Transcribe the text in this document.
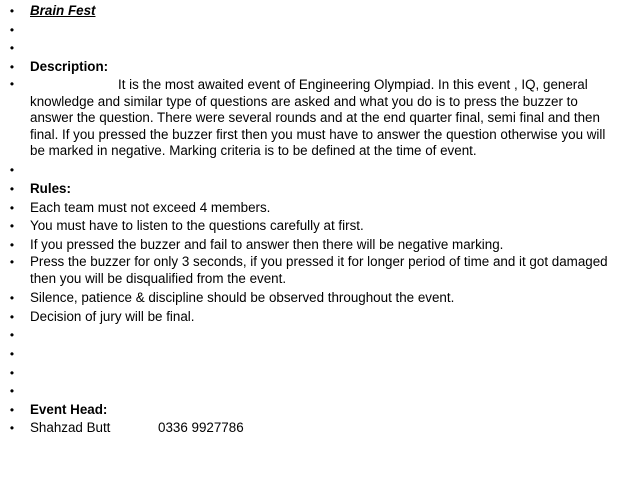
• Brain Fest
•
•
• Description:
•	It is the most awaited event of Engineering Olympiad. In this event , IQ, general knowledge and similar type of questions are asked and what you do is to press the buzzer to answer the question. There were several rounds and at the end quarter final, semi final and then final. If you pressed the buzzer first then you must have to answer the question otherwise you will be marked in negative. Marking criteria is to be defined at the time of event.
•
• Rules:
• Each team must not exceed 4 members.
• You must have to listen to the questions carefully at first.
• If you pressed the buzzer and fail to answer then there will be negative marking.
• Press the buzzer for only 3 seconds, if you pressed it for longer period of time and it got damaged then you will be disqualified from the event.
• Silence, patience & discipline should be observed throughout the event.
• Decision of jury will be final.
•
•
•
•
• Event Head:
• Shahzad Butt	0336 9927786
